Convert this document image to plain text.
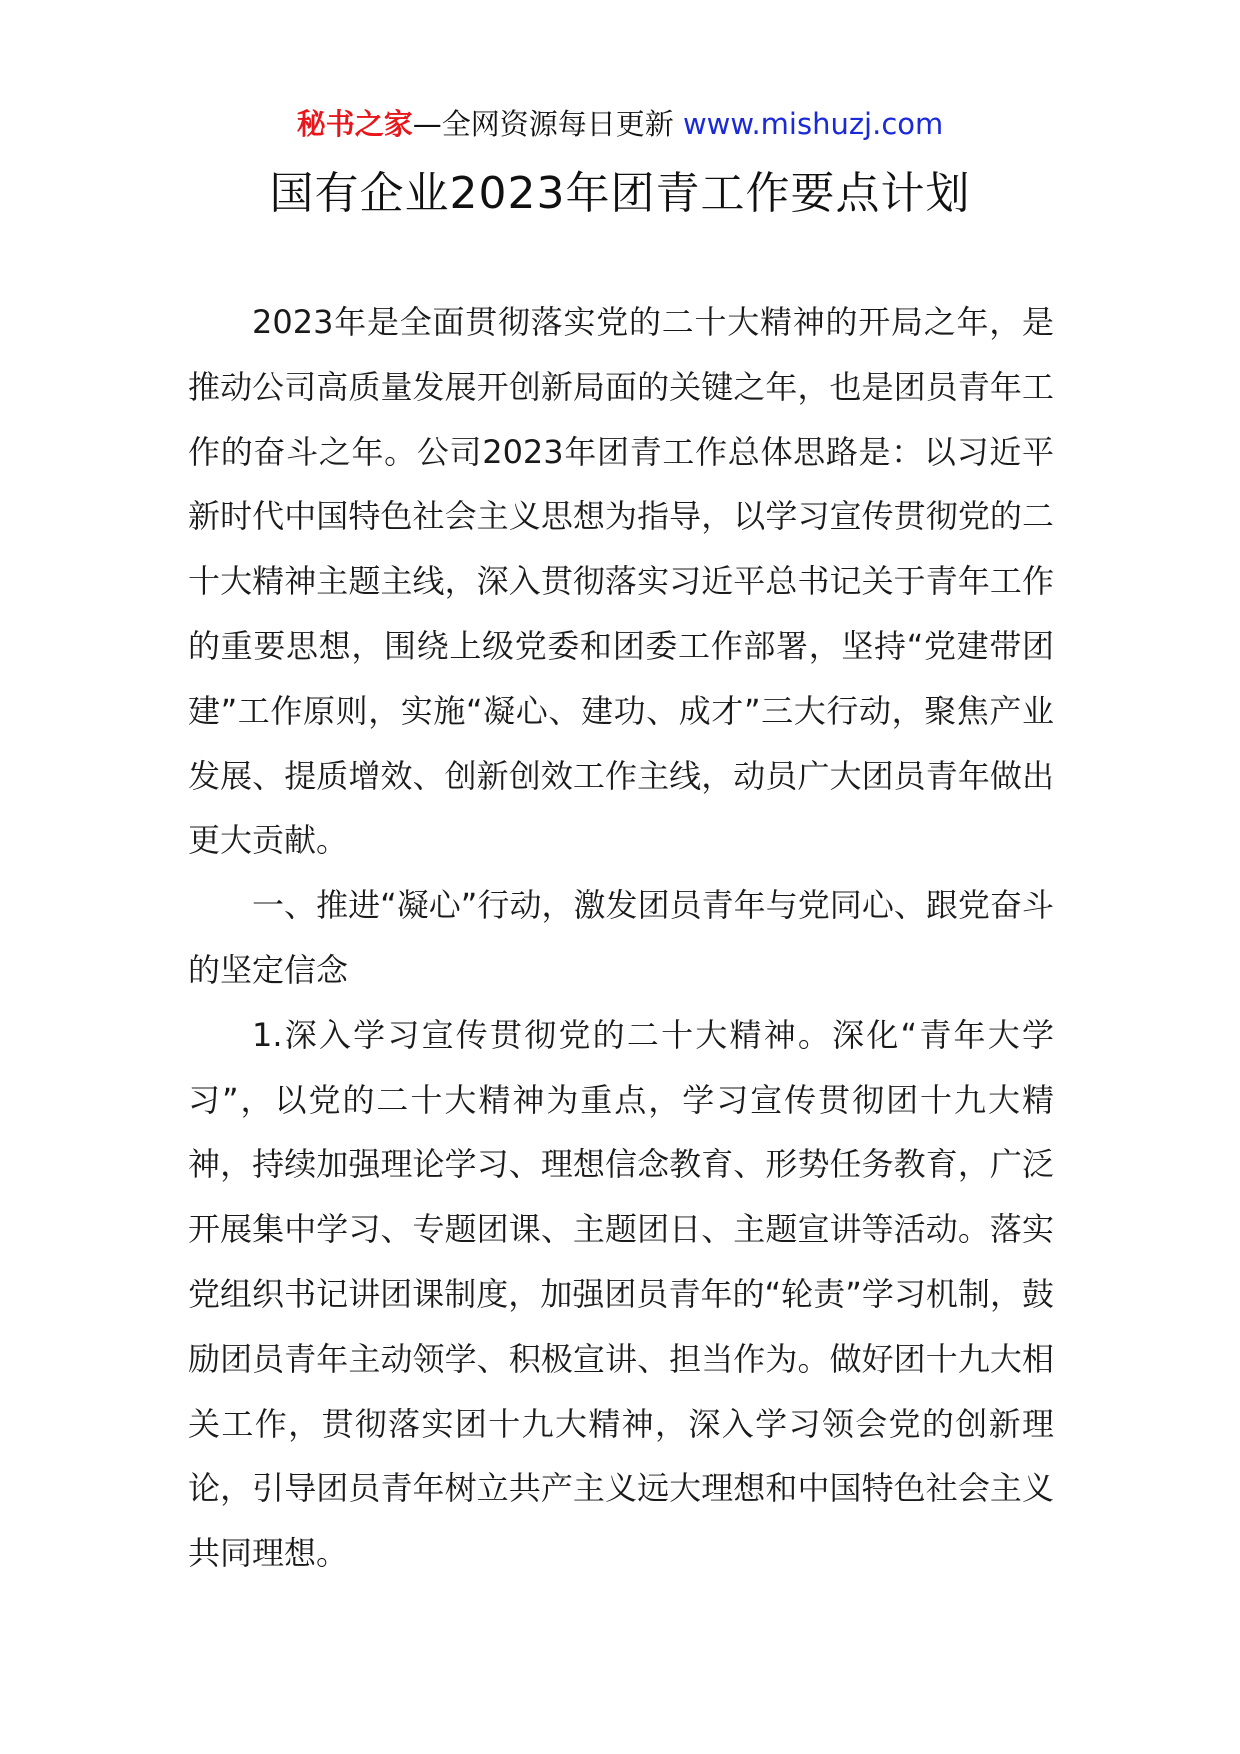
秘书之家—全网资源每日更新 www.mishuzj.com
国有企业2023年团青工作要点计划

2023年是全面贯彻落实党的二十大精神的开局之年，是推动公司高质量发展开创新局面的关键之年，也是团员青年工作的奋斗之年。公司2023年团青工作总体思路是：以习近平新时代中国特色社会主义思想为指导，以学习宣传贯彻党的二十大精神主题主线，深入贯彻落实习近平总书记关于青年工作的重要思想，围绕上级党委和团委工作部署，坚持“党建带团建”工作原则，实施“凝心、建功、成才”三大行动，聚焦产业发展、提质增效、创新创效工作主线，动员广大团员青年做出更大贡献。

一、推进“凝心”行动，激发团员青年与党同心、跟党奋斗的坚定信念

1.深入学习宣传贯彻党的二十大精神。深化“青年大学习”，以党的二十大精神为重点，学习宣传贯彻团十九大精神，持续加强理论学习、理想信念教育、形势任务教育，广泛开展集中学习、专题团课、主题团日、主题宣讲等活动。落实党组织书记讲团课制度，加强团员青年的“轮责”学习机制，鼓励团员青年主动领学、积极宣讲、担当作为。做好团十九大相关工作，贯彻落实团十九大精神，深入学习领会党的创新理论，引导团员青年树立共产主义远大理想和中国特色社会主义共同理想。
